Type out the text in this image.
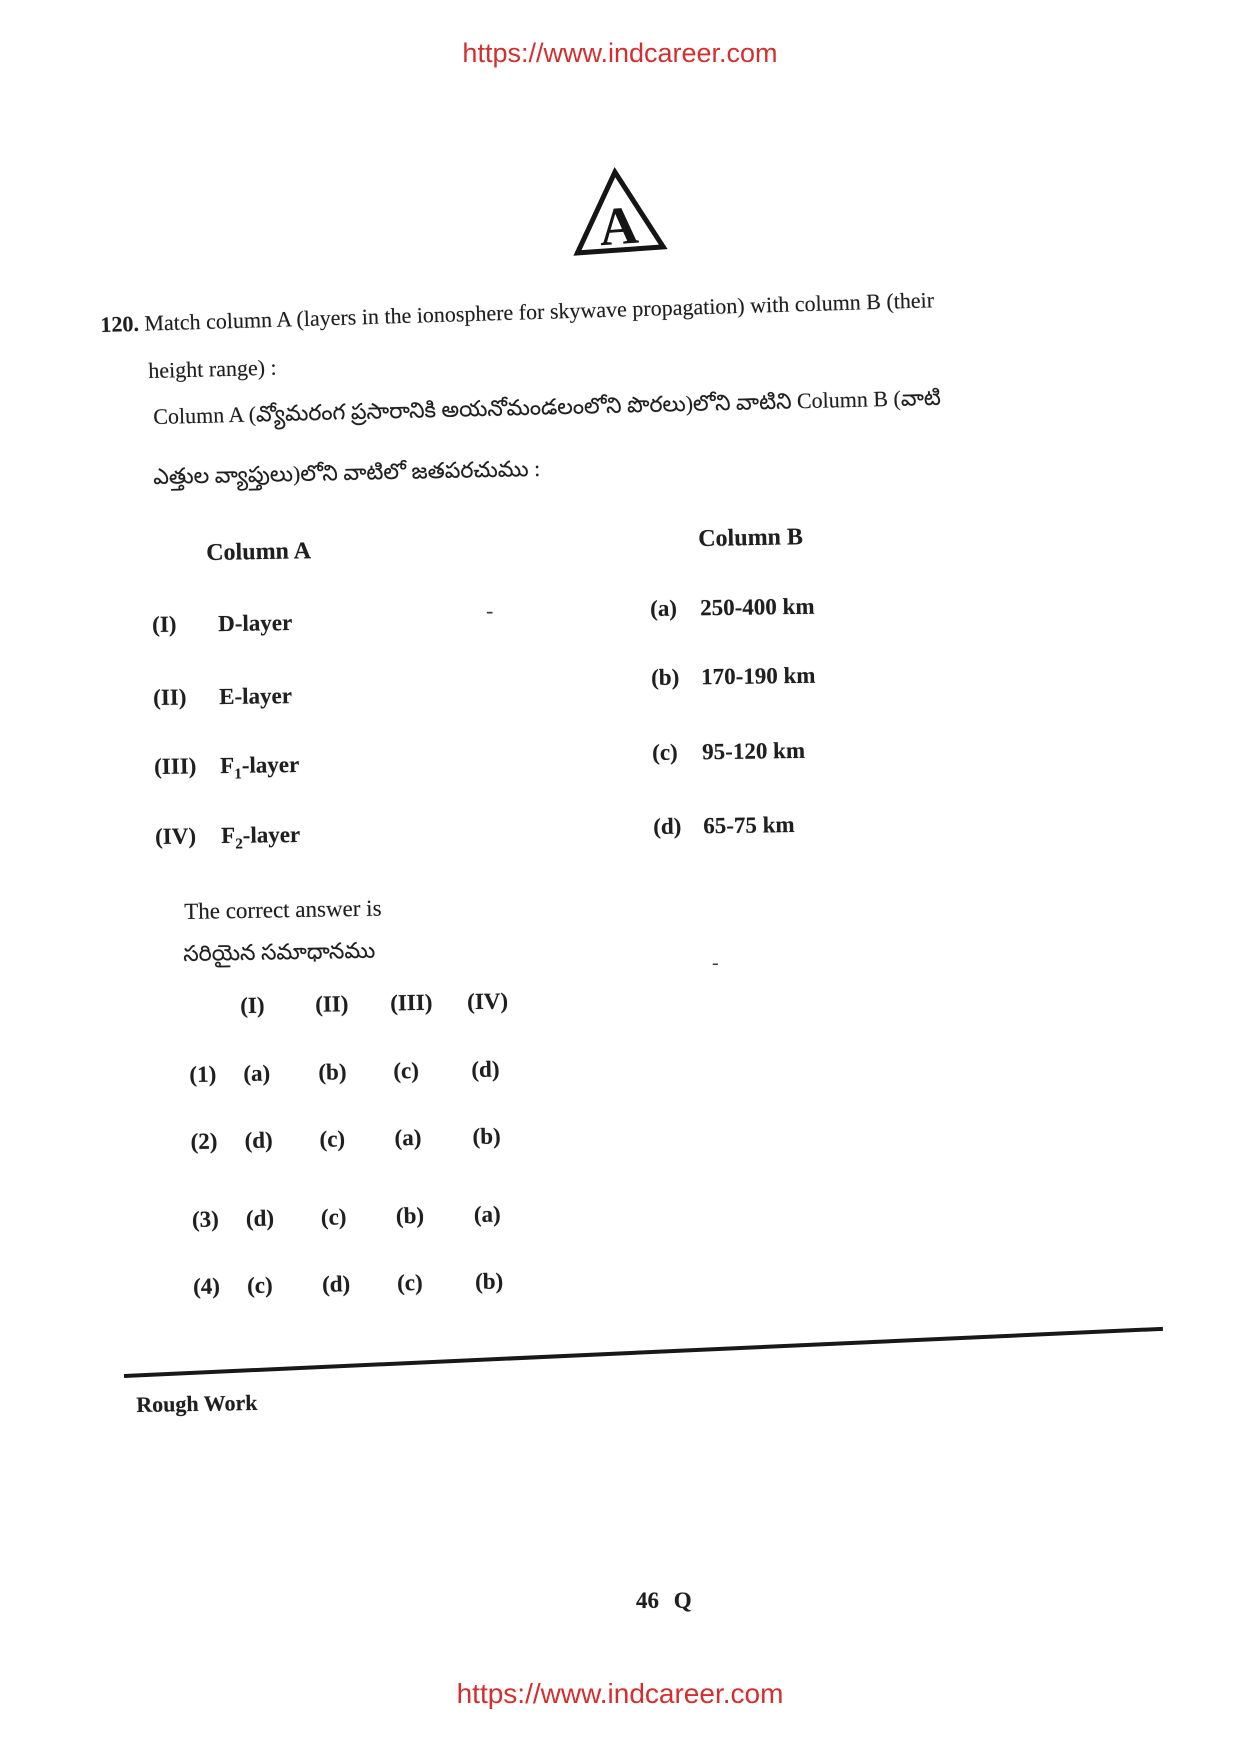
https://www.indcareer.com
A
120. Match column A (layers in the ionosphere for skywave propagation) with column B (their
height range) :
Column A (వ్యోమరంగ ప్రసారానికి అయనోమండలంలోని పొరలు)లోని వాటిని Column B (వాటి
ఎత్తుల వ్యాప్తులు)లోని వాటిలో జతపరచుము :
Column A
Column B
-
-
(I) D-layer
(II) E-layer
(III) $F_1$-layer
(IV) $F_2$-layer
(a) 250-400 km
(b) 170-190 km
(c) 95-120 km
(d) 65-75 km
The correct answer is
సరియైన సమాధానము
(I) (II) (III) (IV)
(1) (a) (b) (c) (d)
(2) (d) (c) (a) (b)
(3) (d) (c) (b) (a)
(4) (c) (d) (c) (b)
Rough Work
46 Q
https://www.indcareer.com
